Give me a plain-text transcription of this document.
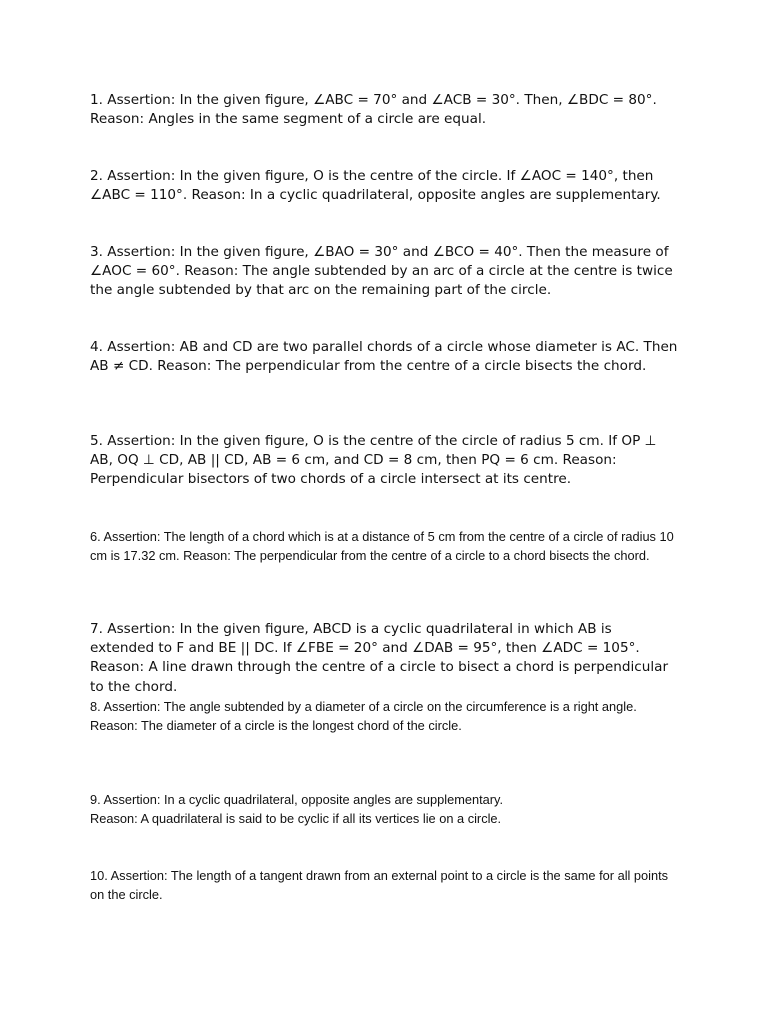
1. Assertion: In the given figure, ∠ABC = 70° and ∠ACB = 30°. Then, ∠BDC = 80°. Reason: Angles in the same segment of a circle are equal.

2. Assertion: In the given figure, O is the centre of the circle. If ∠AOC = 140°, then ∠ABC = 110°. Reason: In a cyclic quadrilateral, opposite angles are supplementary.

3. Assertion: In the given figure, ∠BAO = 30° and ∠BCO = 40°. Then the measure of ∠AOC = 60°. Reason: The angle subtended by an arc of a circle at the centre is twice the angle subtended by that arc on the remaining part of the circle.

4. Assertion: AB and CD are two parallel chords of a circle whose diameter is AC. Then AB ≠ CD. Reason: The perpendicular from the centre of a circle bisects the chord.

5. Assertion: In the given figure, O is the centre of the circle of radius 5 cm. If OP ⊥ AB, OQ ⊥ CD, AB || CD, AB = 6 cm, and CD = 8 cm, then PQ = 6 cm. Reason: Perpendicular bisectors of two chords of a circle intersect at its centre.

6. Assertion: The length of a chord which is at a distance of 5 cm from the centre of a circle of radius 10 cm is 17.32 cm. Reason: The perpendicular from the centre of a circle to a chord bisects the chord.

7. Assertion: In the given figure, ABCD is a cyclic quadrilateral in which AB is extended to F and BE || DC. If ∠FBE = 20° and ∠DAB = 95°, then ∠ADC = 105°. Reason: A line drawn through the centre of a circle to bisect a chord is perpendicular to the chord.

8. Assertion: The angle subtended by a diameter of a circle on the circumference is a right angle.

Reason: The diameter of a circle is the longest chord of the circle.

9. Assertion: In a cyclic quadrilateral, opposite angles are supplementary.

Reason: A quadrilateral is said to be cyclic if all its vertices lie on a circle.

10. Assertion: The length of a tangent drawn from an external point to a circle is the same for all points on the circle.
